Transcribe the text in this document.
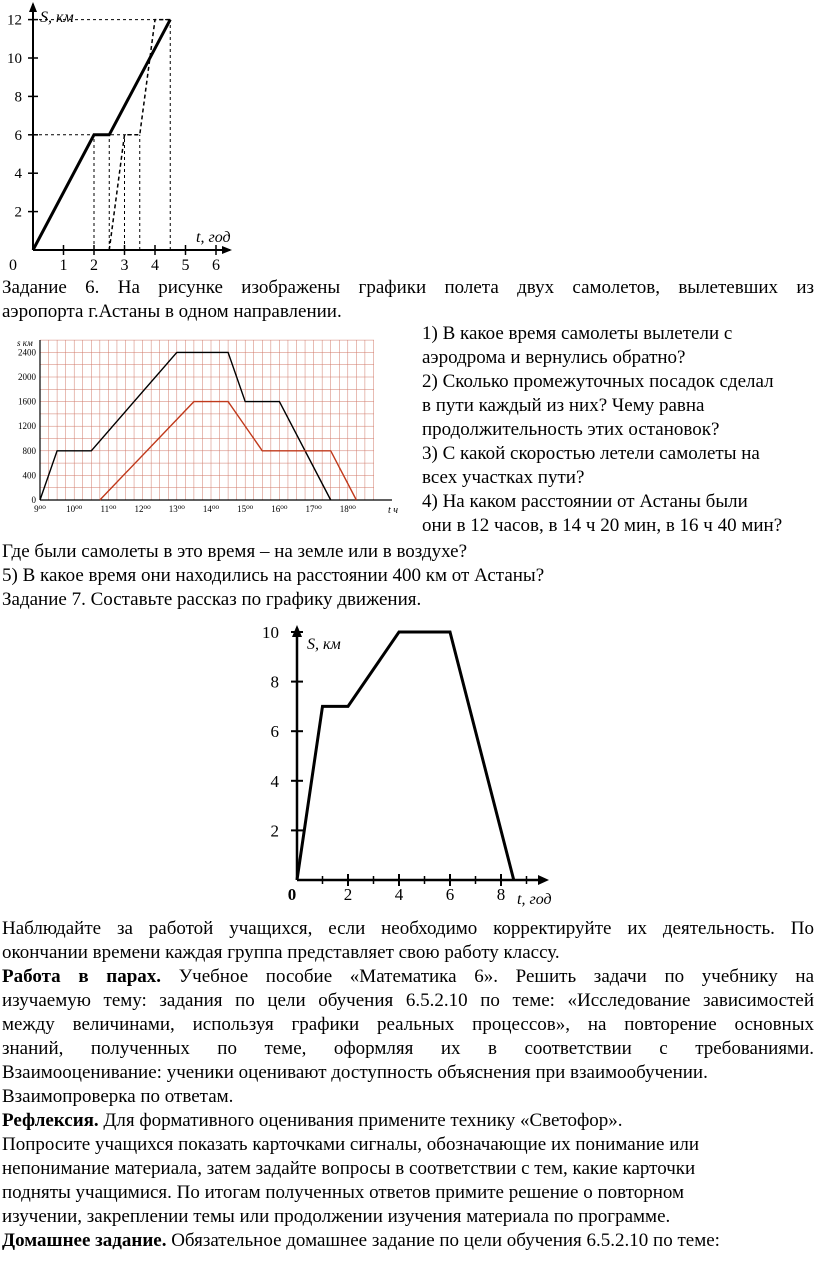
S, км
t, год
2
4
6
8
10
12
0	1 2 3 4 5 6
Задание 6. На рисунке изображены графики полета двух самолетов, вылетевших из
аэропорта г.Астаны в одном направлении.
s км
t ч
0
400
800
1200
1600
2000
2400
9⁰⁰ 10⁰⁰ 11⁰⁰ 12⁰⁰ 13⁰⁰ 14⁰⁰ 15⁰⁰ 16⁰⁰ 17⁰⁰ 18⁰⁰
1) В какое время самолеты вылетели с
аэродрома и вернулись обратно?
2) Сколько промежуточных посадок сделал
в пути каждый из них? Чему равна
продолжительность этих остановок?
3) С какой скоростью летели самолеты на
всех участках пути?
4) На каком расстоянии от Астаны были
они в 12 часов, в 14 ч 20 мин, в 16 ч 40 мин?
Где были самолеты в это время – на земле или в воздухе?
5) В какое время они находились на расстоянии 400 км от Астаны?
Задание 7. Составьте рассказ по графику движения.
S, км
t, год
2
4
6
8
10
0	2	4	6	8
Наблюдайте за работой учащихся, если необходимо корректируйте их деятельность. По
окончании времени каждая группа представляет свою работу классу.
Работа в парах. Учебное пособие «Математика 6». Решить задачи по учебнику на
изучаемую тему: задания по цели обучения 6.5.2.10 по теме: «Исследование зависимостей
между величинами, используя графики реальных процессов», на повторение основных
знаний, полученных по теме, оформляя их в соответствии с требованиями.
Взаимооценивание: ученики оценивают доступность объяснения при взаимообучении.
Взаимопроверка по ответам.
Рефлексия. Для формативного оценивания примените технику «Светофор».
Попросите учащихся показать карточками сигналы, обозначающие их понимание или
непонимание материала, затем задайте вопросы в соответствии с тем, какие карточки
подняты учащимися. По итогам полученных ответов примите решение о повторном
изучении, закреплении темы или продолжении изучения материала по программе.
Домашнее задание. Обязательное домашнее задание по цели обучения 6.5.2.10 по теме:
